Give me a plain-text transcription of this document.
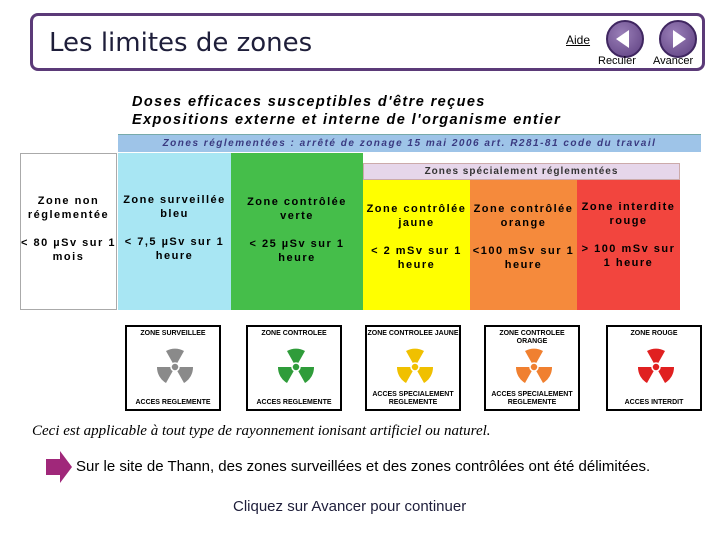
Les limites de zones	Aide
Reculer Avancer
Doses efficaces susceptibles d'être reçues
Expositions externe et interne de l'organisme entier
Zones réglementées : arrêté de zonage 15 mai 2006 art. R281-81 code du travail
Zone non réglementée
< 80 µSv sur 1 mois
Zone surveillée bleu
< 7,5 µSv sur 1 heure
Zone contrôlée verte
< 25 µSv sur 1 heure
Zones spécialement réglementées
Zone contrôlée jaune
< 2 mSv sur 1 heure
Zone contrôlée orange
<100 mSv sur 1 heure
Zone interdite rouge
> 100 mSv sur 1 heure
ZONE SURVEILLEE
ACCES REGLEMENTE
ZONE CONTROLEE
ACCES REGLEMENTE
ZONE CONTROLEE JAUNE
ACCES SPECIALEMENT REGLEMENTE
ZONE CONTROLEE ORANGE
ACCES SPECIALEMENT REGLEMENTE
ZONE ROUGE
ACCES INTERDIT
Ceci est applicable à tout type de rayonnement ionisant artificiel ou naturel.
Sur le site de Thann, des zones surveillées et des zones contrôlées ont été délimitées.
Cliquez sur Avancer pour continuer
